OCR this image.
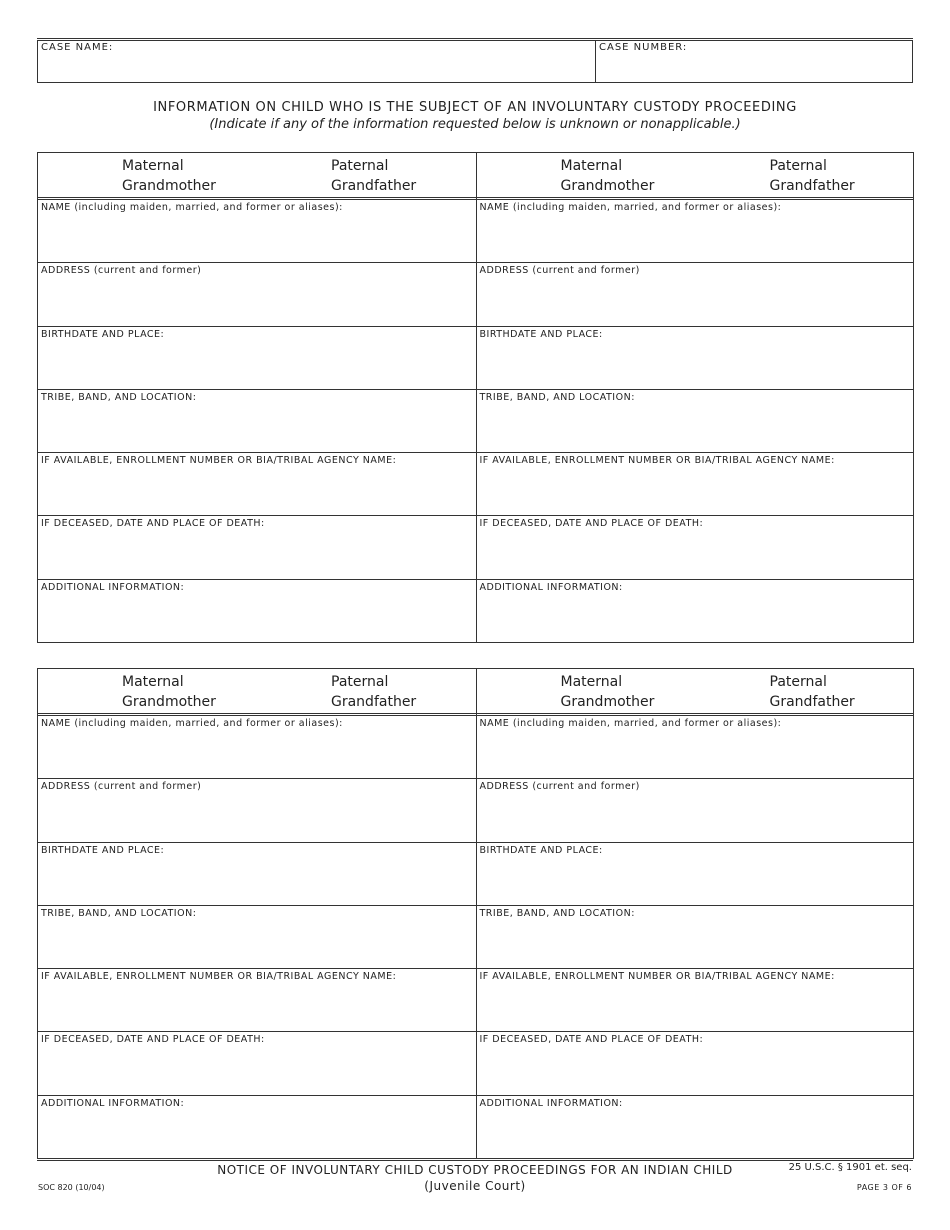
CASE NAME:	CASE NUMBER:
INFORMATION ON CHILD WHO IS THE SUBJECT OF AN INVOLUNTARY CUSTODY PROCEEDING
(Indicate if any of the information requested below is unknown or nonapplicable.)
Maternal
Grandmother
Paternal
Grandfather
NAME (including maiden, married, and former or aliases):
ADDRESS (current and former)
BIRTHDATE AND PLACE:
TRIBE, BAND, AND LOCATION:
IF AVAILABLE, ENROLLMENT NUMBER OR BIA/TRIBAL AGENCY NAME:
IF DECEASED, DATE AND PLACE OF DEATH:
ADDITIONAL INFORMATION:
Maternal
Grandmother
Paternal
Grandfather
NAME (including maiden, married, and former or aliases):
ADDRESS (current and former)
BIRTHDATE AND PLACE:
TRIBE, BAND, AND LOCATION:
IF AVAILABLE, ENROLLMENT NUMBER OR BIA/TRIBAL AGENCY NAME:
IF DECEASED, DATE AND PLACE OF DEATH:
ADDITIONAL INFORMATION:
Maternal
Grandmother
Paternal
Grandfather
NAME (including maiden, married, and former or aliases):
ADDRESS (current and former)
BIRTHDATE AND PLACE:
TRIBE, BAND, AND LOCATION:
IF AVAILABLE, ENROLLMENT NUMBER OR BIA/TRIBAL AGENCY NAME:
IF DECEASED, DATE AND PLACE OF DEATH:
ADDITIONAL INFORMATION:
Maternal
Grandmother
Paternal
Grandfather
NAME (including maiden, married, and former or aliases):
ADDRESS (current and former)
BIRTHDATE AND PLACE:
TRIBE, BAND, AND LOCATION:
IF AVAILABLE, ENROLLMENT NUMBER OR BIA/TRIBAL AGENCY NAME:
IF DECEASED, DATE AND PLACE OF DEATH:
ADDITIONAL INFORMATION:
NOTICE OF INVOLUNTARY CHILD CUSTODY PROCEEDINGS FOR AN INDIAN CHILD
(Juvenile Court)
SOC 820 (10/04)
25 U.S.C. § 1901 et. seq.
PAGE 3 OF 6
